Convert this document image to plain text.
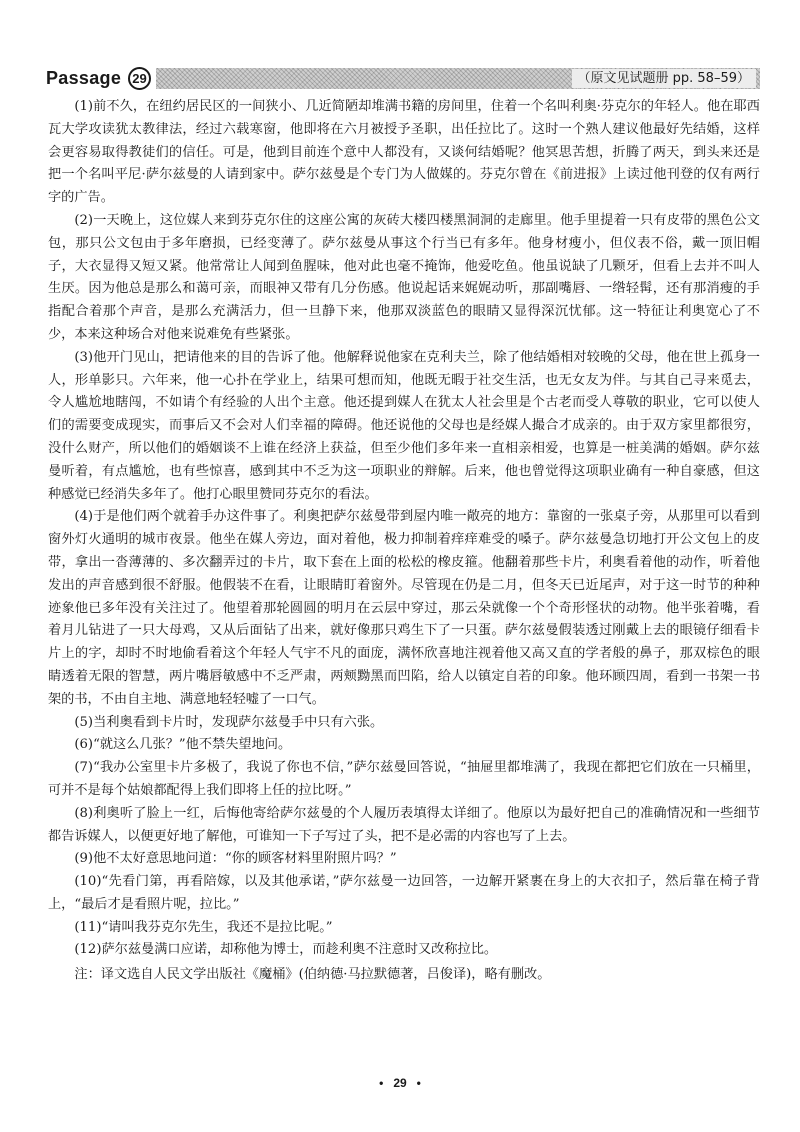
Passage 29	（原文见试题册 pp. 58–59）

(1)前不久，在纽约居民区的一间狭小、几近简陋却堆满书籍的房间里，住着一个名叫利奥·芬克尔的年轻人。他在耶西瓦大学攻读犹太教律法，经过六载寒窗，他即将在六月被授予圣职，出任拉比了。这时一个熟人建议他最好先结婚，这样会更容易取得教徒们的信任。可是，他到目前连个意中人都没有，又谈何结婚呢？他冥思苦想，折腾了两天，到头来还是把一个名叫平尼·萨尔兹曼的人请到家中。萨尔兹曼是个专门为人做媒的。芬克尔曾在《前进报》上读过他刊登的仅有两行字的广告。

(2)一天晚上，这位媒人来到芬克尔住的这座公寓的灰砖大楼四楼黑洞洞的走廊里。他手里提着一只有皮带的黑色公文包，那只公文包由于多年磨损，已经变薄了。萨尔兹曼从事这个行当已有多年。他身材瘦小，但仪表不俗，戴一顶旧帽子，大衣显得又短又紧。他常常让人闻到鱼腥味，他对此也毫不掩饰，他爱吃鱼。他虽说缺了几颗牙，但看上去并不叫人生厌。因为他总是那么和蔼可亲，而眼神又带有几分伤感。他说起话来娓娓动听，那副嘴唇、一绺轻髯，还有那消瘦的手指配合着那个声音，是那么充满活力，但一旦静下来，他那双淡蓝色的眼睛又显得深沉忧郁。这一特征让利奥宽心了不少，本来这种场合对他来说难免有些紧张。

(3)他开门见山，把请他来的目的告诉了他。他解释说他家在克利夫兰，除了他结婚相对较晚的父母，他在世上孤身一人，形单影只。六年来，他一心扑在学业上，结果可想而知，他既无暇于社交生活，也无女友为伴。与其自己寻来觅去，令人尴尬地瞎闯，不如请个有经验的人出个主意。他还提到媒人在犹太人社会里是个古老而受人尊敬的职业，它可以使人们的需要变成现实，而事后又不会对人们幸福的障碍。他还说他的父母也是经媒人撮合才成亲的。由于双方家里都很穷，没什么财产，所以他们的婚姻谈不上谁在经济上获益，但至少他们多年来一直相亲相爱，也算是一桩美满的婚姻。萨尔兹曼听着，有点尴尬，也有些惊喜，感到其中不乏为这一项职业的辩解。后来，他也曾觉得这项职业确有一种自豪感，但这种感觉已经消失多年了。他打心眼里赞同芬克尔的看法。

(4)于是他们两个就着手办这件事了。利奥把萨尔兹曼带到屋内唯一敞亮的地方：靠窗的一张桌子旁，从那里可以看到窗外灯火通明的城市夜景。他坐在媒人旁边，面对着他，极力抑制着痒痒难受的嗓子。萨尔兹曼急切地打开公文包上的皮带，拿出一沓薄薄的、多次翻弄过的卡片，取下套在上面的松松的橡皮箍。他翻着那些卡片，利奥看着他的动作，听着他发出的声音感到很不舒服。他假装不在看，让眼睛盯着窗外。尽管现在仍是二月，但冬天已近尾声，对于这一时节的种种迹象他已多年没有关注过了。他望着那轮圆圆的明月在云层中穿过，那云朵就像一个个奇形怪状的动物。他半张着嘴，看着月儿钻进了一只大母鸡，又从后面钻了出来，就好像那只鸡生下了一只蛋。萨尔兹曼假装透过刚戴上去的眼镜仔细看卡片上的字，却时不时地偷看着这个年轻人气宇不凡的面庞，满怀欣喜地注视着他又高又直的学者般的鼻子，那双棕色的眼睛透着无限的智慧，两片嘴唇敏感中不乏严肃，两颊黝黑而凹陷，给人以镇定自若的印象。他环顾四周，看到一书架一书架的书，不由自主地、满意地轻轻嘘了一口气。

(5)当利奥看到卡片时，发现萨尔兹曼手中只有六张。

(6)“就这么几张？”他不禁失望地问。

(7)“我办公室里卡片多极了，我说了你也不信，”萨尔兹曼回答说，“抽屉里都堆满了，我现在都把它们放在一只桶里，可并不是每个姑娘都配得上我们即将上任的拉比呀。”

(8)利奥听了脸上一红，后悔他寄给萨尔兹曼的个人履历表填得太详细了。他原以为最好把自己的准确情况和一些细节都告诉媒人，以便更好地了解他，可谁知一下子写过了头，把不是必需的内容也写了上去。

(9)他不太好意思地问道：“你的顾客材料里附照片吗？”

(10)“先看门第，再看陪嫁，以及其他承诺，”萨尔兹曼一边回答，一边解开紧裹在身上的大衣扣子，然后靠在椅子背上，“最后才是看照片呢，拉比。”

(11)“请叫我芬克尔先生，我还不是拉比呢。”

(12)萨尔兹曼满口应诺，却称他为博士，而趁利奥不注意时又改称拉比。

注：译文选自人民文学出版社《魔桶》(伯纳德·马拉默德著，吕俊译)，略有删改。

• 29 •
